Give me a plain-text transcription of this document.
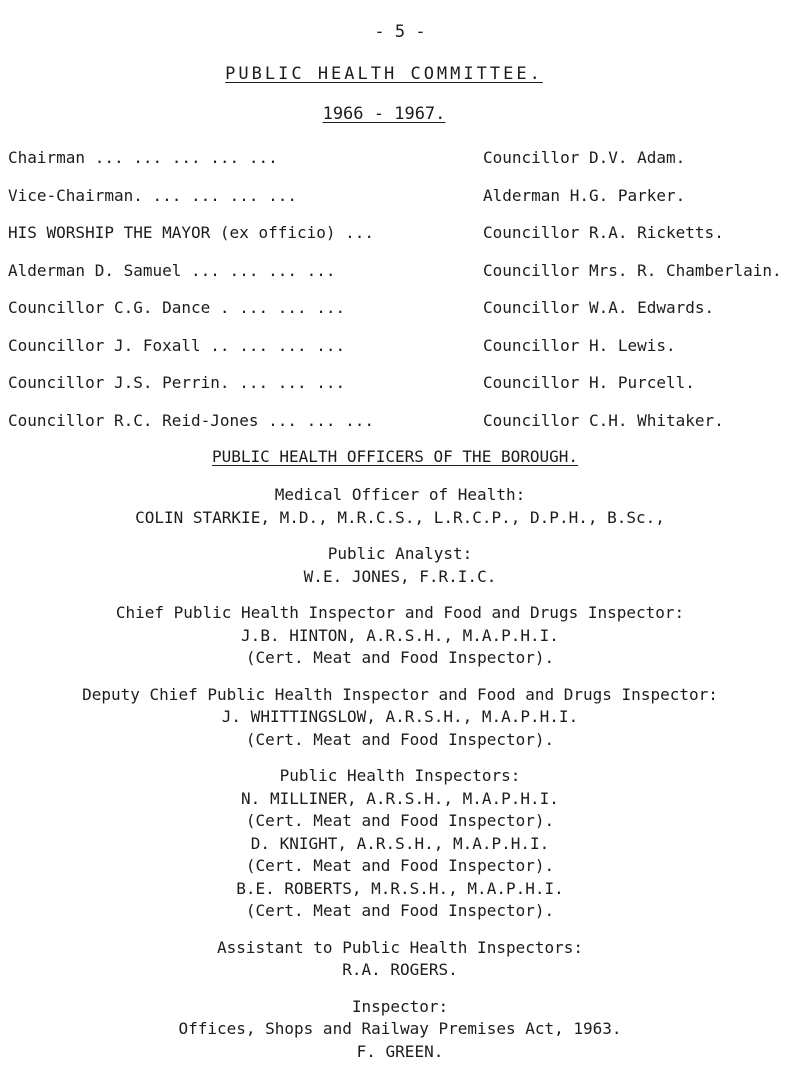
- 5 -
PUBLIC HEALTH COMMITTEE.
1966 - 1967.
Chairman ... ... ... ... ...	Councillor D.V. Adam.
Vice-Chairman. ... ... ... ...	Alderman H.G. Parker.
HIS WORSHIP THE MAYOR (ex officio) ...	Councillor R.A. Ricketts.
Alderman D. Samuel ... ... ... ...	Councillor Mrs. R. Chamberlain.
Councillor C.G. Dance . ... ... ...	Councillor W.A. Edwards.
Councillor J. Foxall .. ... ... ...	Councillor H. Lewis.
Councillor J.S. Perrin. ... ... ...	Councillor H. Purcell.
Councillor R.C. Reid-Jones ... ... ...	Councillor C.H. Whitaker.
PUBLIC HEALTH OFFICERS OF THE BOROUGH.
Medical Officer of Health:
COLIN STARKIE, M.D., M.R.C.S., L.R.C.P., D.P.H., B.Sc.,
Public Analyst:
W.E. JONES, F.R.I.C.
Chief Public Health Inspector and Food and Drugs Inspector:
J.B. HINTON, A.R.S.H., M.A.P.H.I.
(Cert. Meat and Food Inspector).
Deputy Chief Public Health Inspector and Food and Drugs Inspector:
J. WHITTINGSLOW, A.R.S.H., M.A.P.H.I.
(Cert. Meat and Food Inspector).
Public Health Inspectors:
N. MILLINER, A.R.S.H., M.A.P.H.I.
(Cert. Meat and Food Inspector).
D. KNIGHT, A.R.S.H., M.A.P.H.I.
(Cert. Meat and Food Inspector).
B.E. ROBERTS, M.R.S.H., M.A.P.H.I.
(Cert. Meat and Food Inspector).
Assistant to Public Health Inspectors:
R.A. ROGERS.
Inspector:
Offices, Shops and Railway Premises Act, 1963.
F. GREEN.
